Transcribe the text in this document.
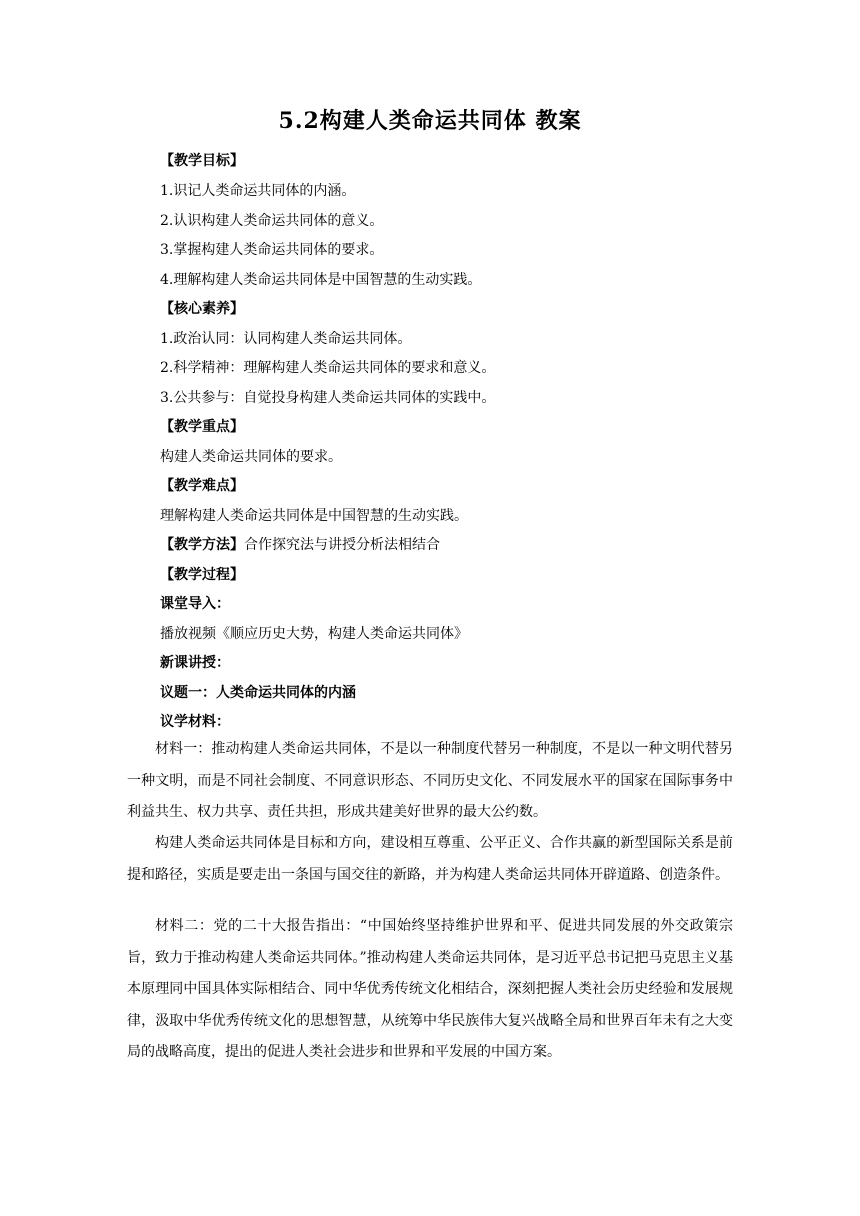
5.2构建人类命运共同体 教案
【教学目标】
1.识记人类命运共同体的内涵。
2.认识构建人类命运共同体的意义。
3.掌握构建人类命运共同体的要求。
4.理解构建人类命运共同体是中国智慧的生动实践。
【核心素养】
1.政治认同：认同构建人类命运共同体。
2.科学精神：理解构建人类命运共同体的要求和意义。
3.公共参与：自觉投身构建人类命运共同体的实践中。
【教学重点】
构建人类命运共同体的要求。
【教学难点】
理解构建人类命运共同体是中国智慧的生动实践。
【教学方法】合作探究法与讲授分析法相结合
【教学过程】
课堂导入：
播放视频《顺应历史大势，构建人类命运共同体》
新课讲授：
议题一：人类命运共同体的内涵
议学材料：

材料一：推动构建人类命运共同体，不是以一种制度代替另一种制度，不是以一种文明代替另一种文明，而是不同社会制度、不同意识形态、不同历史文化、不同发展水平的国家在国际事务中利益共生、权力共享、责任共担，形成共建美好世界的最大公约数。

构建人类命运共同体是目标和方向，建设相互尊重、公平正义、合作共赢的新型国际关系是前提和路径，实质是要走出一条国与国交往的新路，并为构建人类命运共同体开辟道路、创造条件。

材料二：党的二十大报告指出：“中国始终坚持维护世界和平、促进共同发展的外交政策宗旨，致力于推动构建人类命运共同体。”推动构建人类命运共同体，是习近平总书记把马克思主义基本原理同中国具体实际相结合、同中华优秀传统文化相结合，深刻把握人类社会历史经验和发展规律，汲取中华优秀传统文化的思想智慧，从统筹中华民族伟大复兴战略全局和世界百年未有之大变局的战略高度，提出的促进人类社会进步和世界和平发展的中国方案。
